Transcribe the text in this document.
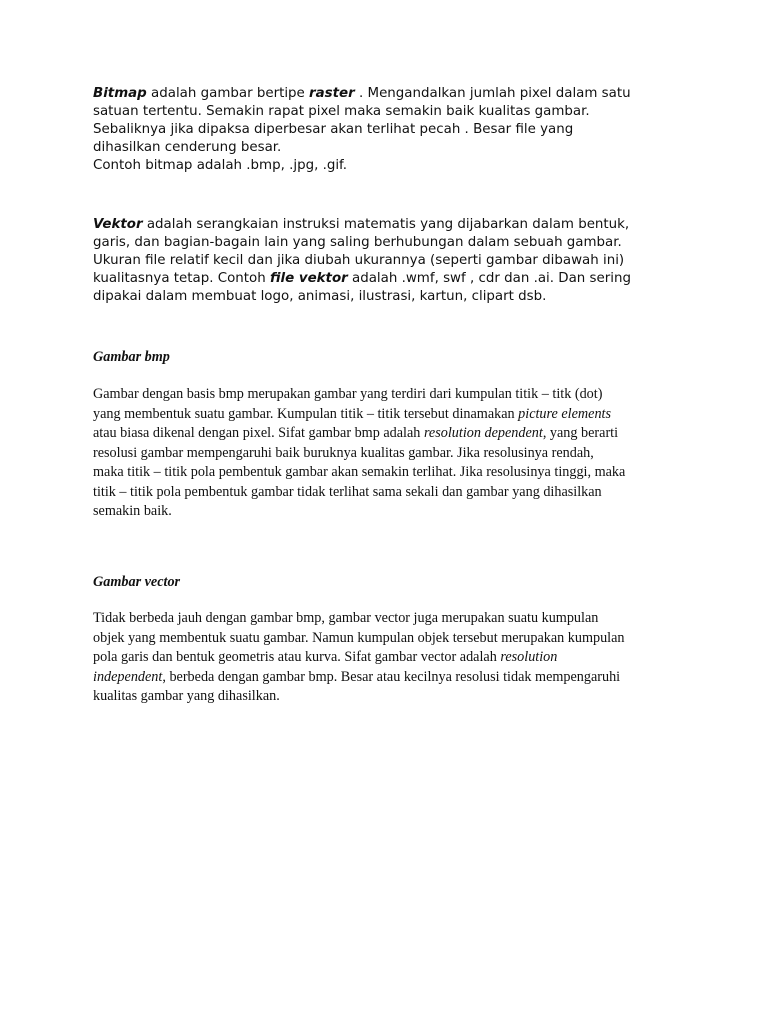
Bitmap adalah gambar bertipe raster . Mengandalkan jumlah pixel dalam satu
satuan tertentu. Semakin rapat pixel maka semakin baik kualitas gambar.
Sebaliknya jika dipaksa diperbesar akan terlihat pecah . Besar file yang
dihasilkan cenderung besar.
Contoh bitmap adalah .bmp, .jpg, .gif.

Vektor adalah serangkaian instruksi matematis yang dijabarkan dalam bentuk,
garis, dan bagian-bagain lain yang saling berhubungan dalam sebuah gambar.
Ukuran file relatif kecil dan jika diubah ukurannya (seperti gambar dibawah ini)
kualitasnya tetap. Contoh file vektor adalah .wmf, swf , cdr dan .ai. Dan sering
dipakai dalam membuat logo, animasi, ilustrasi, kartun, clipart dsb.

Gambar bmp

Gambar dengan basis bmp merupakan gambar yang terdiri dari kumpulan titik – titk (dot)
yang membentuk suatu gambar. Kumpulan titik – titik tersebut dinamakan picture elements
atau biasa dikenal dengan pixel. Sifat gambar bmp adalah resolution dependent, yang berarti
resolusi gambar mempengaruhi baik buruknya kualitas gambar. Jika resolusinya rendah,
maka titik – titik pola pembentuk gambar akan semakin terlihat. Jika resolusinya tinggi, maka
titik – titik pola pembentuk gambar tidak terlihat sama sekali dan gambar yang dihasilkan
semakin baik.

Gambar vector

Tidak berbeda jauh dengan gambar bmp, gambar vector juga merupakan suatu kumpulan
objek yang membentuk suatu gambar. Namun kumpulan objek tersebut merupakan kumpulan
pola garis dan bentuk geometris atau kurva. Sifat gambar vector adalah resolution
independent, berbeda dengan gambar bmp. Besar atau kecilnya resolusi tidak mempengaruhi
kualitas gambar yang dihasilkan.
